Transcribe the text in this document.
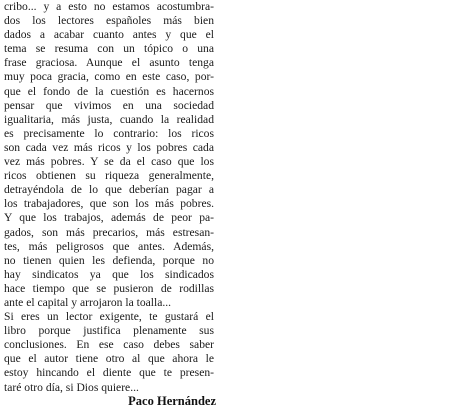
cribo... y a esto no estamos acostumbra-
dos los lectores españoles más bien
dados a acabar cuanto antes y que el
tema se resuma con un tópico o una
frase graciosa. Aunque el asunto tenga
muy poca gracia, como en este caso, por-
que el fondo de la cuestión es hacernos
pensar que vivimos en una sociedad
igualitaria, más justa, cuando la realidad
es precisamente lo contrario: los ricos
son cada vez más ricos y los pobres cada
vez más pobres. Y se da el caso que los
ricos obtienen su riqueza generalmente,
detrayéndola de lo que deberían pagar a
los trabajadores, que son los más pobres.
Y que los trabajos, además de peor pa-
gados, son más precarios, más estresan-
tes, más peligrosos que antes. Además,
no tienen quien les defienda, porque no
hay sindicatos ya que los sindicados
hace tiempo que se pusieron de rodillas
ante el capital y arrojaron la toalla...
Si eres un lector exigente, te gustará el
libro porque justifica plenamente sus
conclusiones. En ese caso debes saber
que el autor tiene otro al que ahora le
estoy hincando el diente que te presen-
taré otro día, si Dios quiere...
Paco Hernández
